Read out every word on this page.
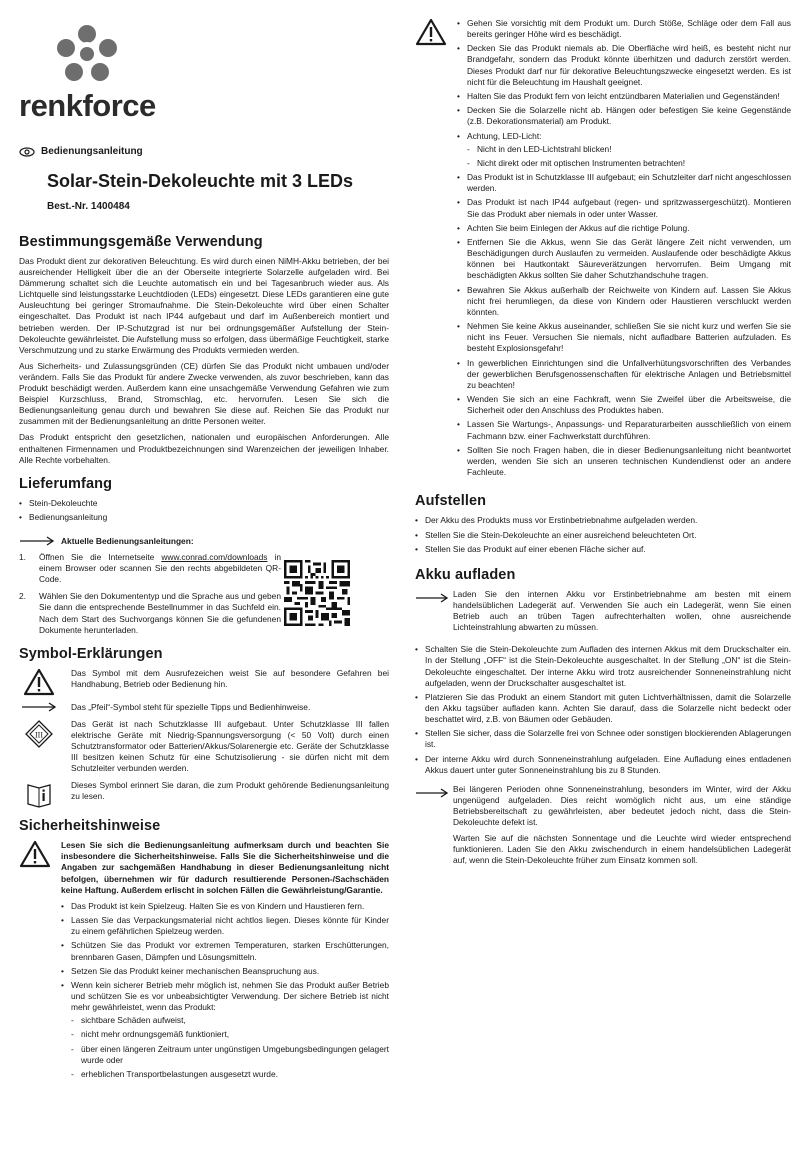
renkforce
Bedienungsanleitung
Solar-Stein-Dekoleuchte mit 3 LEDs
Best.-Nr. 1400484
Bestimmungsgemäße Verwendung

Das Produkt dient zur dekorativen Beleuchtung. Es wird durch einen NiMH-Akku betrieben, der bei ausreichender Helligkeit über die an der Oberseite integrierte Solarzelle aufgeladen wird. Bei Dämmerung schaltet sich die Leuchte automatisch ein und bei Tagesanbruch wieder aus. Als Lichtquelle sind leistungsstarke Leuchtdioden (LEDs) eingesetzt. Diese LEDs garantieren eine gute Ausleuchtung bei geringer Stromaufnahme. Die Stein-Dekoleuchte wird über einen Schalter eingeschaltet. Das Produkt ist nach IP44 aufgebaut und darf im Außenbereich montiert und betrieben werden. Der IP-Schutzgrad ist nur bei ordnungsgemäßer Aufstellung der Stein-Dekoleuchte gewährleistet. Die Aufstellung muss so erfolgen, dass übermäßige Feuchtigkeit, starke Verschmutzung und zu starke Erwärmung des Produkts vermieden werden.

Aus Sicherheits- und Zulassungsgründen (CE) dürfen Sie das Produkt nicht umbauen und/oder verändern. Falls Sie das Produkt für andere Zwecke verwenden, als zuvor beschrieben, kann das Produkt beschädigt werden. Außerdem kann eine unsachgemäße Verwendung Gefahren wie zum Beispiel Kurzschluss, Brand, Stromschlag, etc. hervorrufen. Lesen Sie sich die Bedienungsanleitung genau durch und bewahren Sie diese auf. Reichen Sie das Produkt nur zusammen mit der Bedienungsanleitung an dritte Personen weiter.

Das Produkt entspricht den gesetzlichen, nationalen und europäischen Anforderungen. Alle enthaltenen Firmennamen und Produktbezeichnungen sind Warenzeichen der jeweiligen Inhaber. Alle Rechte vorbehalten.

Lieferumfang
• Stein-Dekoleuchte
• Bedienungsanleitung
Aktuelle Bedienungsanleitungen:
1. Öffnen Sie die Internetseite www.conrad.com/downloads in einem Browser oder scannen Sie den rechts abgebildeten QR-Code.
2. Wählen Sie den Dokumententyp und die Sprache aus und geben Sie dann die entsprechende Bestellnummer in das Suchfeld ein. Nach dem Start des Suchvorgangs können Sie die gefundenen Dokumente herunterladen.
Symbol-Erklärungen
Das Symbol mit dem Ausrufezeichen weist Sie auf besondere Gefahren bei Handhabung, Betrieb oder Bedienung hin.
Das „Pfeil“-Symbol steht für spezielle Tipps und Bedienhinweise.
III
Das Gerät ist nach Schutzklasse III aufgebaut. Unter Schutzklasse III fallen elektrische Geräte mit Niedrig-Spannungsversorgung (< 50 Volt) durch einen Schutztransformator oder Batterien/Akkus/Solarenergie etc. Geräte der Schutzklasse III besitzen keinen Schutz für eine Schutzisolierung - sie dürfen nicht mit dem Schutzleiter verbunden werden.
Dieses Symbol erinnert Sie daran, die zum Produkt gehörende Bedienungsanleitung zu lesen.
Sicherheitshinweise

Lesen Sie sich die Bedienungsanleitung aufmerksam durch und beachten Sie insbesondere die Sicherheitshinweise. Falls Sie die Sicherheitshinweise und die Angaben zur sachgemäßen Handhabung in dieser Bedienungsanleitung nicht befolgen, übernehmen wir für dadurch resultierende Personen-/Sachschäden keine Haftung. Außerdem erlischt in solchen Fällen die Gewährleistung/Garantie.

• Das Produkt ist kein Spielzeug. Halten Sie es von Kindern und Haustieren fern.
• Lassen Sie das Verpackungsmaterial nicht achtlos liegen. Dieses könnte für Kinder zu einem gefährlichen Spielzeug werden.
• Schützen Sie das Produkt vor extremen Temperaturen, starken Erschütterungen, brennbaren Gasen, Dämpfen und Lösungsmitteln.
• Setzen Sie das Produkt keiner mechanischen Beanspruchung aus.
• Wenn kein sicherer Betrieb mehr möglich ist, nehmen Sie das Produkt außer Betrieb und schützen Sie es vor unbeabsichtigter Verwendung. Der sichere Betrieb ist nicht mehr gewährleistet, wenn das Produkt:
- sichtbare Schäden aufweist,
- nicht mehr ordnungsgemäß funktioniert,
- über einen längeren Zeitraum unter ungünstigen Umgebungsbedingungen gelagert wurde oder
- erheblichen Transportbelastungen ausgesetzt wurde.
• Gehen Sie vorsichtig mit dem Produkt um. Durch Stöße, Schläge oder dem Fall aus bereits geringer Höhe wird es beschädigt.
• Decken Sie das Produkt niemals ab. Die Oberfläche wird heiß, es besteht nicht nur Brandgefahr, sondern das Produkt könnte überhitzen und dadurch zerstört werden. Dieses Produkt darf nur für dekorative Beleuchtungszwecke eingesetzt werden. Es ist nicht für die Beleuchtung im Haushalt geeignet.
• Halten Sie das Produkt fern von leicht entzündbaren Materialien und Gegenständen!
• Decken Sie die Solarzelle nicht ab. Hängen oder befestigen Sie keine Gegenstände (z.B. Dekorationsmaterial) am Produkt.
• Achtung, LED-Licht:
- Nicht in den LED-Lichtstrahl blicken!
- Nicht direkt oder mit optischen Instrumenten betrachten!
• Das Produkt ist in Schutzklasse III aufgebaut; ein Schutzleiter darf nicht angeschlossen werden.
• Das Produkt ist nach IP44 aufgebaut (regen- und spritzwassergeschützt). Montieren Sie das Produkt aber niemals in oder unter Wasser.
• Achten Sie beim Einlegen der Akkus auf die richtige Polung.
• Entfernen Sie die Akkus, wenn Sie das Gerät längere Zeit nicht verwenden, um Beschädigungen durch Auslaufen zu vermeiden. Auslaufende oder beschädigte Akkus können bei Hautkontakt Säureverätzungen hervorrufen. Beim Umgang mit beschädigten Akkus sollten Sie daher Schutzhandschuhe tragen.
• Bewahren Sie Akkus außerhalb der Reichweite von Kindern auf. Lassen Sie Akkus nicht frei herumliegen, da diese von Kindern oder Haustieren verschluckt werden könnten.
• Nehmen Sie keine Akkus auseinander, schließen Sie sie nicht kurz und werfen Sie sie nicht ins Feuer. Versuchen Sie niemals, nicht aufladbare Batterien aufzuladen. Es besteht Explosionsgefahr!
• In gewerblichen Einrichtungen sind die Unfallverhütungsvorschriften des Verbandes der gewerblichen Berufsgenossenschaften für elektrische Anlagen und Betriebsmittel zu beachten!
• Wenden Sie sich an eine Fachkraft, wenn Sie Zweifel über die Arbeitsweise, die Sicherheit oder den Anschluss des Produktes haben.
• Lassen Sie Wartungs-, Anpassungs- und Reparaturarbeiten ausschließlich von einem Fachmann bzw. einer Fachwerkstatt durchführen.
• Sollten Sie noch Fragen haben, die in dieser Bedienungsanleitung nicht beantwortet werden, wenden Sie sich an unseren technischen Kundendienst oder an andere Fachleute.
Aufstellen
• Der Akku des Produkts muss vor Erstinbetriebnahme aufgeladen werden.
• Stellen Sie die Stein-Dekoleuchte an einer ausreichend beleuchteten Ort.
• Stellen Sie das Produkt auf einer ebenen Fläche sicher auf.
Akku aufladen

Laden Sie den internen Akku vor Erstinbetriebnahme am besten mit einem handelsüblichen Ladegerät auf. Verwenden Sie auch ein Ladegerät, wenn Sie einen Betrieb auch an trüben Tagen aufrechterhalten wollen, ohne ausreichende Lichteinstrahlung abwarten zu müssen.

• Schalten Sie die Stein-Dekoleuchte zum Aufladen des internen Akkus mit dem Druckschalter ein. In der Stellung „OFF“ ist die Stein-Dekoleuchte ausgeschaltet. In der Stellung „ON“ ist die Stein-Dekoleuchte eingeschaltet. Der interne Akku wird trotz ausreichender Sonneneinstrahlung nicht aufgeladen, wenn der Druckschalter ausgeschaltet ist.
• Platzieren Sie das Produkt an einem Standort mit guten Lichtverhältnissen, damit die Solarzelle den Akku tagsüber aufladen kann. Achten Sie darauf, dass die Solarzelle nicht bedeckt oder beschattet wird, z.B. von Bäumen oder Gebäuden.
• Stellen Sie sicher, dass die Solarzelle frei von Schnee oder sonstigen blockierenden Ablagerungen ist.
• Der interne Akku wird durch Sonneneinstrahlung aufgeladen. Eine Aufladung eines entladenen Akkus dauert unter guter Sonneneinstrahlung bis zu 8 Stunden.

Bei längeren Perioden ohne Sonneneinstrahlung, besonders im Winter, wird der Akku ungenügend aufgeladen. Dies reicht womöglich nicht aus, um eine ständige Betriebsbereitschaft zu gewährleisten, aber bedeutet jedoch nicht, dass die Stein-Dekoleuchte defekt ist.

Warten Sie auf die nächsten Sonnentage und die Leuchte wird wieder entsprechend funktionieren. Laden Sie den Akku zwischendurch in einem handelsüblichen Ladegerät auf, wenn die Stein-Dekoleuchte früher zum Einsatz kommen soll.
